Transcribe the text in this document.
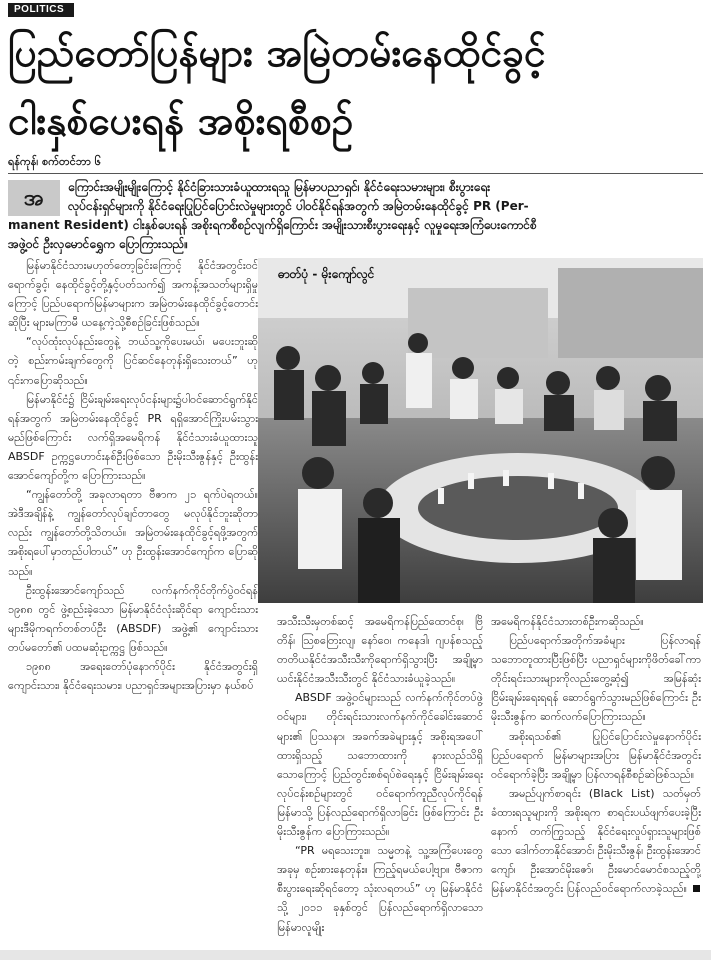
POLITICS
ပြည်တော်ပြန်များ အမြဲတမ်းနေထိုင်ခွင့်
ငါးနှစ်ပေးရန် အစိုးရစီစဉ်
ရန်ကုန်၊ စက်တင်ဘာ ၆
အ	ကြောင်းအမျိုးမျိုးကြောင့် နိုင်ငံခြားသားခံယူထားရသူ မြန်မာပညာရှင်၊ နိုင်ငံရေးသမားများ၊ စီးပွားရေး
လုပ်ငန်းရှင်များကို နိုင်ငံရေးပြုပြင်ပြောင်းလဲမှုများတွင် ပါဝင်နိုင်ရန်အတွက် အမြဲတမ်းနေထိုင်ခွင့် PR (Per-
manent Resident) ငါးနှစ်ပေးရန် အစိုးရကစီစဉ်လျက်ရှိကြောင်း အမျိုးသားစီးပွားရေးနှင့် လူမှုရေးအကြံပေးကောင်စီ
အဖွဲ့ဝင် ဦးလှမောင်ရွှေက ပြောကြားသည်။

မြန်မာနိုင်ငံသားမဟုတ်တော့ခြင်းကြောင့် နိုင်ငံအတွင်းဝင်ရောက်ခွင့်၊ နေထိုင်ခွင့်တို့နှင့်ပတ်သက်၍ အကန့်အသတ်များရှိမှုကြောင့် ပြည်ပရောက်မြန်မာများက အမြဲတမ်းနေထိုင်ခွင့်တောင်းဆိုပြီး များမကြာမီ ယနေ့ကဲ့သို့စီစဉ်ခြင်းဖြစ်သည်။

“လုပ်ထုံးလုပ်နည်းတွေနဲ့ ဘယ်သူ့ကိုပေးမယ်၊ မပေးဘူးဆိုတဲ့ စည်းကမ်းချက်တွေကို ပြင်ဆင်နေတုန်းရှိသေးတယ်” ဟု ၎င်းကပြောဆိုသည်။

မြန်မာနိုင်ငံ၌ ငြိမ်းချမ်းရေးလုပ်ငန်းများ၌ပါဝင်ဆောင်ရွက်နိုင်ရန်အတွက် အမြဲတမ်းနေထိုင်ခွင့် PR ရရှိအောင်ကြိုးပမ်းသွားမည်ဖြစ်ကြောင်း လက်ရှိအမေရိကန် နိုင်ငံသားခံယူထားသူ ABSDF ဥက္ကဋ္ဌဟောင်းနစ်ဦးဖြစ်သော ဦးမိုးသီးဇွန်နှင့် ဦးထွန်းအောင်ကျော်တို့က ပြောကြားသည်။

“ကျွန်တော်တို့ အခုလာရတာ ဗီဇာက ၂၁ ရက်ပဲရတယ်။ အဲဒီအချိန်နဲ့ ကျွန်တော်လုပ်ချင်တာတွေ မလုပ်နိုင်ဘူးဆိုတာလည်း ကျွန်တော်တို့သိတယ်။ အမြဲတမ်းနေထိုင်ခွင့်ရဖို့အတွက် အစိုးရပေါ်မှာတည်ပါတယ်” ဟု ဦးထွန်းအောင်ကျော်က ပြောဆိုသည်။

ဦးထွန်းအောင်ကျော်သည် လက်နက်ကိုင်တိုက်ပွဲဝင်ရန် ၁၉၈၈ တွင် ဖွဲ့စည်းခဲ့သော မြန်မာနိုင်ငံလုံးဆိုင်ရာ ကျောင်းသားများဒီမိုကရက်တစ်တပ်ဦး (ABSDF) အဖွဲ့၏ ကျောင်းသားတပ်မတော်၏ ပထမဆုံးဥက္ကဋ္ဌ ဖြစ်သည်။

၁၉၈၈ အရေးတော်ပုံနောက်ပိုင်း နိုင်ငံအတွင်းရှိ ကျောင်းသား၊ နိုင်ငံရေးသမား၊ ပညာရှင်အများအပြားမှာ နယ်စပ်

ဓာတ်ပုံ - မိုးကျော်လွင်

အသီးသီးမှတစ်ဆင့် အမေရိကန်ပြည်ထောင်စု၊ ဗြိတိန်၊ သြစတြေးလျ၊ နော်ဝေ၊ ကနေဒါ၊ ဂျပန်စသည့် တတိယနိုင်ငံအသီးသီးကိုရောက်ရှိသွားပြီး အချို့မှာ ယင်းနိုင်ငံအသီးသီးတွင် နိုင်ငံသားခံယူခဲ့သည်။

ABSDF အဖွဲ့ဝင်များသည် လက်နက်ကိုင်တပ်ဖွဲ့ဝင်များ၊ တိုင်းရင်းသားလက်နက်ကိုင်ခေါင်းဆောင်များ၏ ပြဿနာ၊ အခက်အခဲများနှင့် အစိုးရအပေါ်ထားရှိသည့် သဘောထားကို နားလည်သိရှိသောကြောင့် ပြည်တွင်းစစ်ရပ်စဲရေးနှင့် ငြိမ်းချမ်းရေးလုပ်ငန်းစဉ်များတွင် ဝင်ရောက်ကူညီလုပ်ကိုင်ရန် မြန်မာသို့ ပြန်လည်ရောက်ရှိလာခြင်း ဖြစ်ကြောင်း ဦးမိုးသီးဇွန်က ပြောကြားသည်။

“PR မရသေးဘူး။ သမ္မတနဲ့ သူ့အကြံပေးတွေ အခုမှ စဉ်းစားနေတုန်း။ ကြည့်ရမယ်ပေါ့ဗျာ။ ဗီဇာက စီးပွားရေးဆိုရင်တော့ သုံးလရတယ်” ဟု မြန်မာနိုင်ငံသို့ ၂၀၁၁ ခုနှစ်တွင် ပြန်လည်ရောက်ရှိလာသော မြန်မာလူမျိုး

အမေရိကန်နိုင်ငံသားတစ်ဦးကဆိုသည်။

ပြည်ပရောက်အတိုက်အခံများ ပြန်လာရန် သဘောတူထားပြီးဖြစ်ပြီး ပညာရှင်များကိုဖိတ်ခေါ်ကာ တိုင်းရင်းသားများကိုလည်းတွေ့ဆုံ၍ အမြန်ဆုံး ငြိမ်းချမ်းရေးရရန် ဆောင်ရွက်သွားမည်ဖြစ်ကြောင်း ဦးမိုးသီးဇွန်က ဆက်လက်ပြောကြားသည်။

အစိုးရသစ်၏ ပြုပြင်ပြောင်းလဲမှုနောက်ပိုင်း ပြည်ပရောက် မြန်မာများအပြား မြန်မာနိုင်ငံအတွင်း ဝင်ရောက်ခဲ့ပြီး အချို့မှာ ပြန်လာရန်စီစဉ်ဆဲဖြစ်သည်။

အမည်ပျက်စာရင်း (Black List) သတ်မှတ်ခံထားရသူများကို အစိုးရက စာရင်းပယ်ဖျက်ပေးခဲ့ပြီးနောက် တက်ကြွသည့် နိုင်ငံရေးလှုပ်ရှားသူများဖြစ်သော ဒေါက်တာနိုင်အောင်၊ ဦးမိုးသီးဇွန်၊ ဦးထွန်းအောင်ကျော်၊ ဦးအောင်မိုးဇော်၊ ဦးမောင်မောင်စသည့်တို့မြန်မာနိုင်ငံအတွင်း ပြန်လည်ဝင်ရောက်လာခဲ့သည်။
